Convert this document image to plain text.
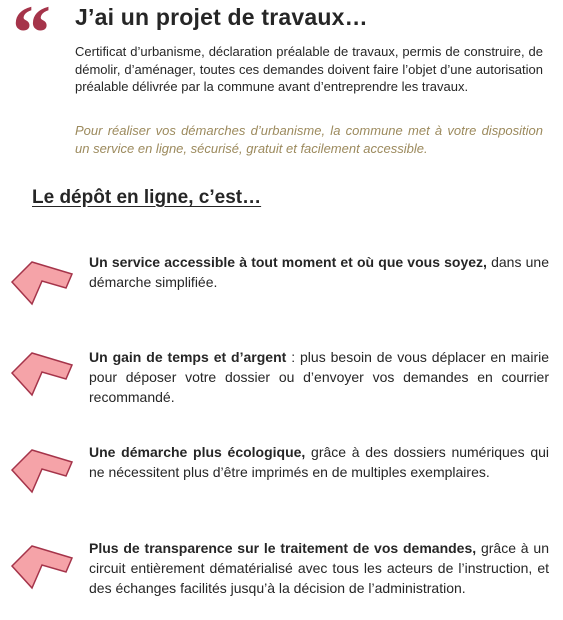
“ J’ai un projet de travaux…
Certificat d’urbanisme, déclaration préalable de travaux, permis de construire, de démolir, d’aménager, toutes ces demandes doivent faire l’objet d’une autorisation préalable délivrée par la commune avant d’entreprendre les travaux.
Pour réaliser vos démarches d’urbanisme, la commune met à votre disposition un service en ligne, sécurisé, gratuit et facilement accessible.
Le dépôt en ligne, c’est…
Un service accessible à tout moment et où que vous soyez, dans une démarche simplifiée.
Un gain de temps et d’argent : plus besoin de vous déplacer en mairie pour déposer votre dossier ou d’envoyer vos demandes en courrier recommandé.
Une démarche plus écologique, grâce à des dossiers numériques qui ne nécessitent plus d’être imprimés en de multiples exemplaires.
Plus de transparence sur le traitement de vos demandes, grâce à un circuit entièrement dématérialisé avec tous les acteurs de l’instruction, et des échanges facilités jusqu’à la décision de l’administration.
